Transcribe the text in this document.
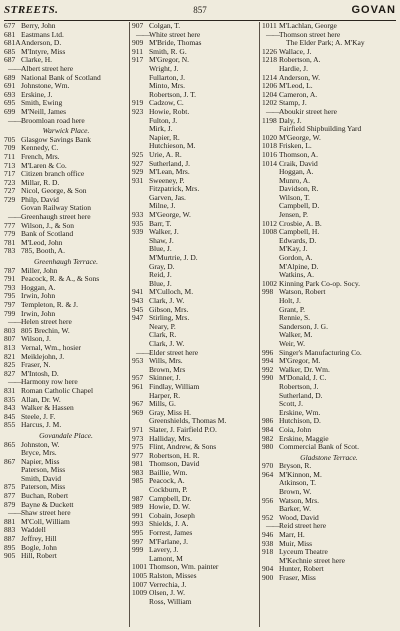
STREETS.	857	GOVAN
677 Berry, John
681 Eastmans Ltd.
681AAnderson, D.
685 M'Intyre, Miss
687 Clarke, H.
—— Albert street here
689 National Bank of Scotland
691 Johnstone, Wm.
693 Erskine, J.
695 Smith, Ewing
699 M'Neill, James
—— Broomloan road here
Warwick Place.
705 Glasgow Savings Bank
709 Kennedy, C.
711 French, Mrs.
713 M'Laren & Co.
717 Citizen branch office
723 Millar, R. D.
727 Nicol, George, & Son
729 Philp, David
Govan Railway Station
—— Greenhaugh street here
777 Wilson, J., & Son
779 Bank of Scotland
781 M'Leod, John
783 785, Booth, A.
Greenhaugh Terrace.
787 Miller, John
791 Peacock, R. & A., & Sons
793 Hoggan, A.
795 Irwin, John
797 Templeton, R. & J.
799 Irwin, John
—— Helen street here
803 805 Brechin, W.
807 Wilson, J.
813 Vernal, Wm., hosier
821 Meiklejohn, J.
825 Fraser, N.
827 M'Intosh, D.
—— Harmony row here
831 Roman Catholic Chapel
835 Allan, Dr. W.
843 Walker & Hassen
845 Steele, J. F.
855 Harcus, J. M.
Govandale Place.
865 Johnston, W.
Bryce, Mrs.
867 Napier, Miss
Paterson, Miss
Smith, David
875 Paterson, Miss
877 Buchan, Robert
879 Bayne & Duckett
—— Shaw street here
881 M'Coll, William
883 Waddell
887 Jeffrey, Hill
895 Bogle, John
905 Hill, Robert
907 Colgan, T.
—— White street here
909 M'Bride, Thomas
911 Smith, R. G.
917 M'Gregor, N.
Wright, J.
Fullarton, J.
Minto, Mrs.
Robertson, J. T.
919 Cadzow, C.
923 Howie, Robt.
Fulton, J.
Mirk, J.
Napier, R.
Hutchieson, M.
925 Urie, A. R.
927 Sutherland, J.
929 M'Lean, Mrs.
931 Sweeney, P.
Fitzpatrick, Mrs.
Garven, Jas.
Milne, J.
933 M'George, W.
935 Barr, T.
939 Walker, J.
Shaw, J.
Blue, J.
M'Murtrie, J. D.
Gray, D.
Reid, J.
Blue, J.
941 M'Culloch, M.
943 Clark, J. W.
945 Gibson, Mrs.
947 Stirling, Mrs.
Neary, P.
Clark, R.
Clark, J. W.
—— Elder street here
953 Wills, Mrs.
Brown, Mrs
957 Skinner, J.
961 Findlay, William
Harper, R.
967 Mills, G.
969 Gray, Miss H.
Greenshields, Thomas M.
971 Slater, J. Fairfield P.O.
973 Halliday, Mrs.
975 Flint, Andrew, & Sons
977 Robertson, H. R.
981 Thomson, David
983 Baillie, Wm.
985 Peacock, A.
Cockburn, P.
987 Campbell, Dr.
989 Howie, D. W.
991 Cobain, Joseph
993 Shields, J. A.
995 Forrest, James
997 M'Farlane, J.
999 Lavery, J.
Lamont, M
1001 Thomson, Wm. painter
1005 Ralston, Misses
1007 Verrechia, J.
1009 Olsen, J. W.
Ross, William
1011 M'Lachlan, George
—— Thomson street here
The Elder Park; A. M'Kay
1226 Wallace, J.
1218 Robertson, A.
Hardie, J.
1214 Anderson, W.
1206 M'Leod, L.
1204 Cameron, A.
1202 Stamp, J.
—— Aboukir street here
1198 Daly, J.
Fairfield Shipbuilding Yard
1020 M'George, W.
1018 Frisken, L.
1016 Thomson, A.
1014 Craik, David
Hoggan, A.
Munro, A.
Davidson, R.
Wilson, T.
Campbell, D.
Jensen, P.
1012 Crosbie, A. B.
1008 Campbell, H.
Edwards, D.
M'Kay, J.
Gordon, A.
M'Alpine, D.
Watkins, A.
1002 Kinning Park Co-op. Socy.
998 Watson, Robert
Holt, J.
Grant, P.
Rennie, S.
Sanderson, J. G.
Walker, M.
Weir, W.
996 Singer's Manufacturing Co.
994 M'Gregor, M.
992 Walker, Dr. Wm.
990 M'Donald, J. C.
Robertson, J.
Sutherland, D.
Scott, J.
Erskine, Wm.
986 Hutchison, D.
984 Coia, John
982 Erskine, Maggie
980 Commercial Bank of Scot.
Gladstone Terrace.
970 Bryson, R.
964 M'Kinnon, M.
Atkinson, T.
Brown, W.
956 Watson, Mrs.
Barker, W.
952 Wood, David
—— Reid street here
946 Marr, H.
938 Muir, Miss
918 Lyceum Theatre
M'Kechnie street here
904 Hunter, Robert
900 Fraser, Miss
